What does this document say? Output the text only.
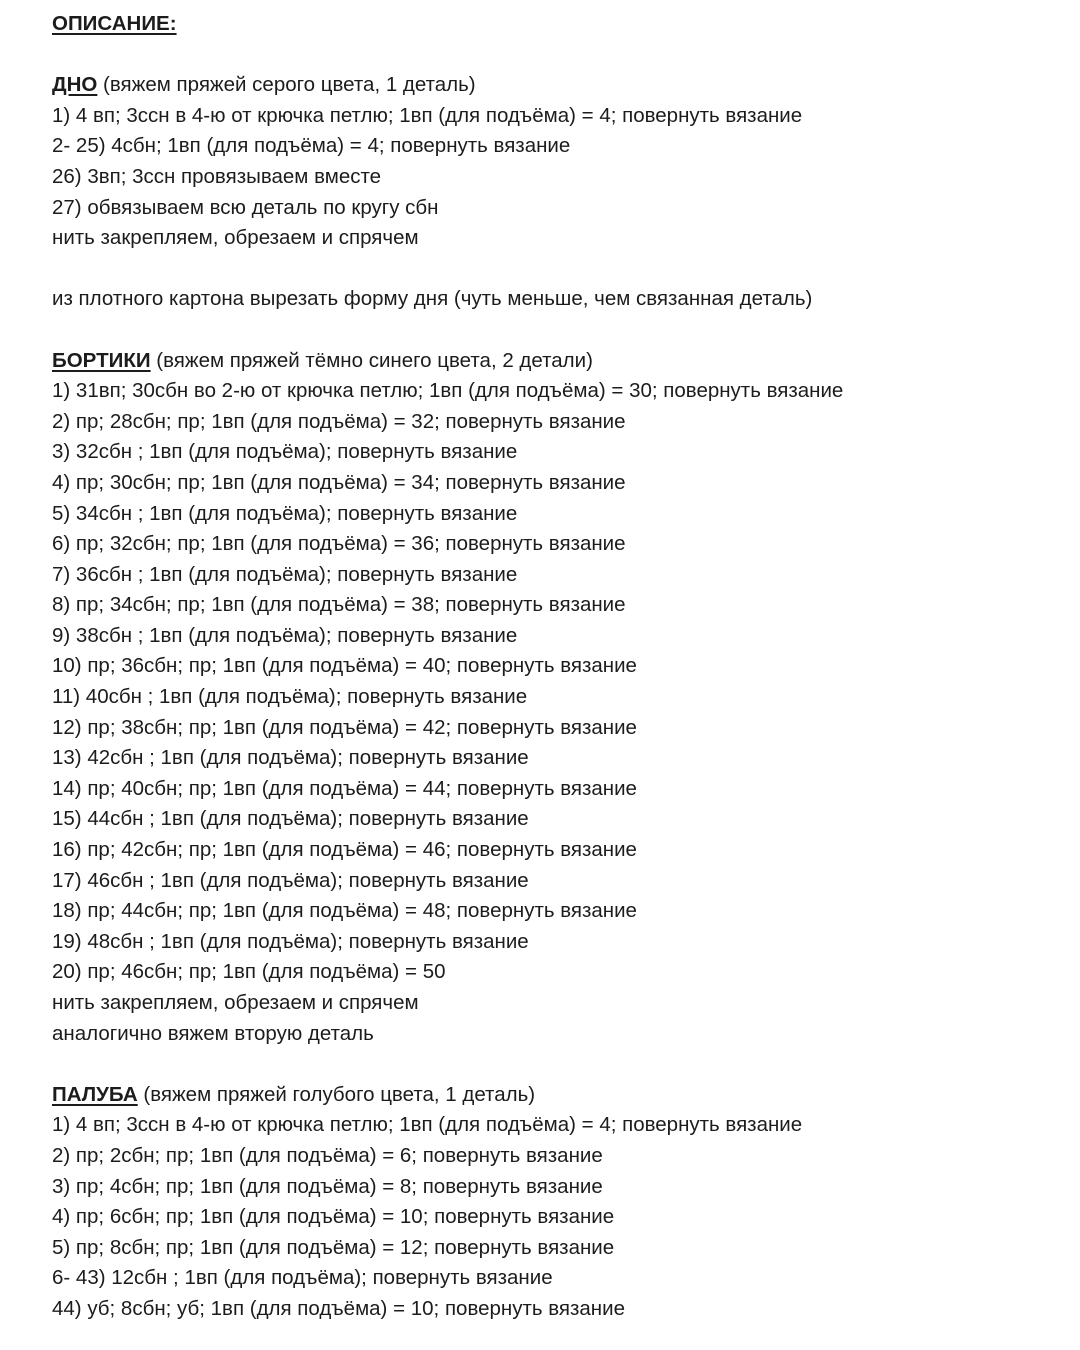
ОПИСАНИЕ:
ДНО (вяжем пряжей серого цвета, 1 деталь)
1) 4 вп; 3ссн в 4-ю от крючка петлю; 1вп (для подъёма) = 4; повернуть вязание
2- 25) 4сбн; 1вп (для подъёма) = 4; повернуть вязание
26) 3вп; 3ссн провязываем вместе
27) обвязываем всю деталь по кругу сбн
нить закрепляем, обрезаем и спрячем
из плотного картона вырезать форму дня (чуть меньше, чем связанная деталь)
БОРТИКИ (вяжем пряжей тёмно синего цвета, 2 детали)
1) 31вп; 30сбн во 2-ю от крючка петлю; 1вп (для подъёма) = 30; повернуть вязание
2) пр; 28сбн; пр; 1вп (для подъёма) = 32; повернуть вязание
3) 32сбн ; 1вп (для подъёма); повернуть вязание
4) пр; 30сбн; пр; 1вп (для подъёма) = 34; повернуть вязание
5) 34сбн ; 1вп (для подъёма); повернуть вязание
6) пр; 32сбн; пр; 1вп (для подъёма) = 36; повернуть вязание
7) 36сбн ; 1вп (для подъёма); повернуть вязание
8) пр; 34сбн; пр; 1вп (для подъёма) = 38; повернуть вязание
9) 38сбн ; 1вп (для подъёма); повернуть вязание
10) пр; 36сбн; пр; 1вп (для подъёма) = 40; повернуть вязание
11) 40сбн ; 1вп (для подъёма); повернуть вязание
12) пр; 38сбн; пр; 1вп (для подъёма) = 42; повернуть вязание
13) 42сбн ; 1вп (для подъёма); повернуть вязание
14) пр; 40сбн; пр; 1вп (для подъёма) = 44; повернуть вязание
15) 44сбн ; 1вп (для подъёма); повернуть вязание
16) пр; 42сбн; пр; 1вп (для подъёма) = 46; повернуть вязание
17) 46сбн ; 1вп (для подъёма); повернуть вязание
18) пр; 44сбн; пр; 1вп (для подъёма) = 48; повернуть вязание
19) 48сбн ; 1вп (для подъёма); повернуть вязание
20) пр; 46сбн; пр; 1вп (для подъёма) = 50
нить закрепляем, обрезаем и спрячем
аналогично вяжем вторую деталь
ПАЛУБА (вяжем пряжей голубого цвета, 1 деталь)
1) 4 вп; 3ссн в 4-ю от крючка петлю; 1вп (для подъёма) = 4; повернуть вязание
2) пр; 2сбн; пр; 1вп (для подъёма) = 6; повернуть вязание
3) пр; 4сбн; пр; 1вп (для подъёма) = 8; повернуть вязание
4) пр; 6сбн; пр; 1вп (для подъёма) = 10; повернуть вязание
5) пр; 8сбн; пр; 1вп (для подъёма) = 12; повернуть вязание
6- 43) 12сбн ; 1вп (для подъёма); повернуть вязание
44) уб; 8сбн; уб; 1вп (для подъёма) = 10; повернуть вязание
